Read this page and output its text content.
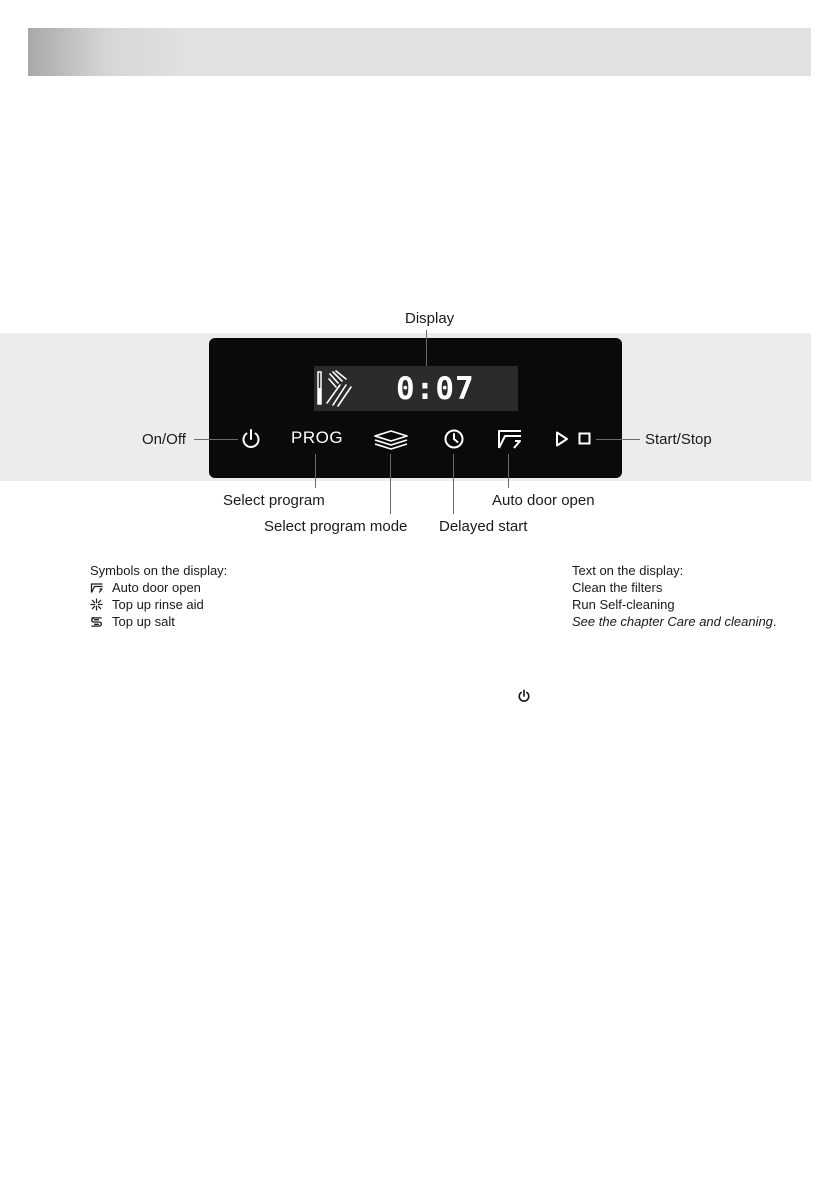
Display
0:07
PROG
On/Off	Start/Stop
Select program	Auto door open
Select program mode Delayed start
Symbols on the display:
Auto door open
Top up rinse aid
Top up salt
Text on the display:
Clean the filters
Run Self-cleaning
See the chapter Care and cleaning .
